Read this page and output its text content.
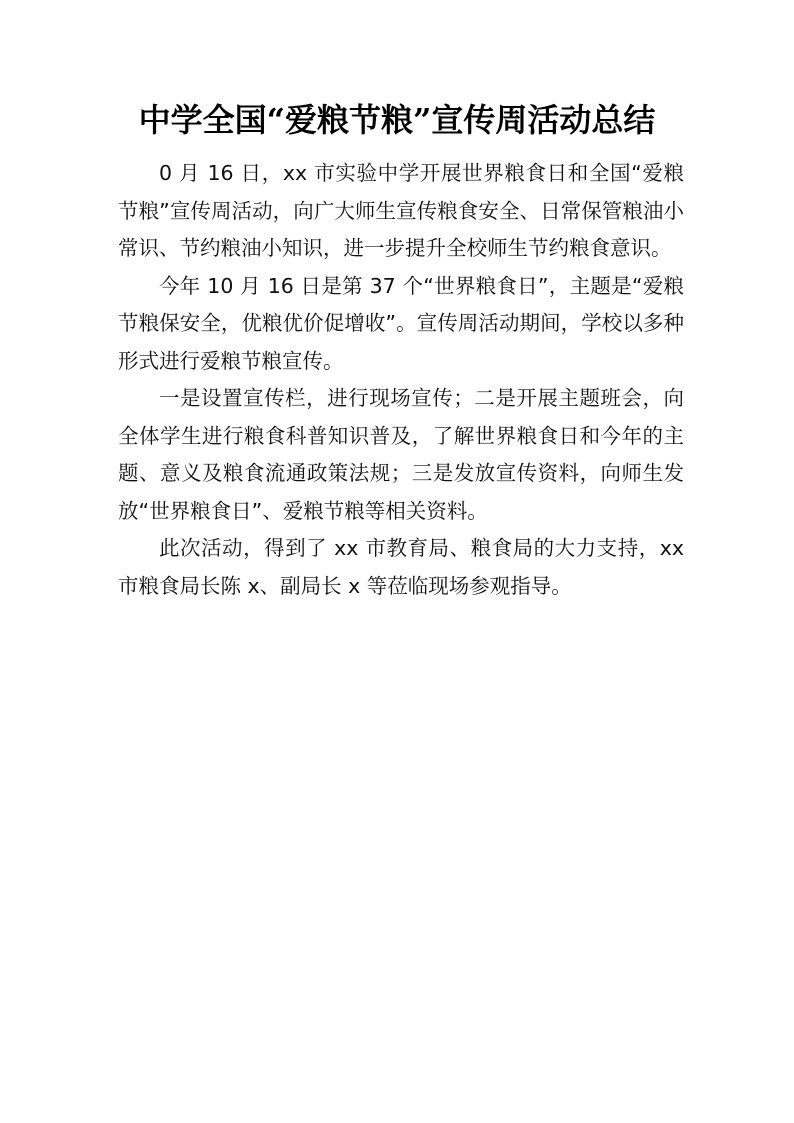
中学全国“爱粮节粮”宣传周活动总结

0 月 16 日，xx 市实验中学开展世界粮食日和全国“爱粮节粮”宣传周活动，向广大师生宣传粮食安全、日常保管粮油小常识、节约粮油小知识，进一步提升全校师生节约粮食意识。

今年 10 月 16 日是第 37 个“世界粮食日”，主题是“爱粮节粮保安全，优粮优价促增收”。宣传周活动期间，学校以多种形式进行爱粮节粮宣传。

一是设置宣传栏，进行现场宣传；二是开展主题班会，向全体学生进行粮食科普知识普及，了解世界粮食日和今年的主题、意义及粮食流通政策法规；三是发放宣传资料，向师生发放“世界粮食日”、爱粮节粮等相关资料。

此次活动，得到了 xx 市教育局、粮食局的大力支持，xx 市粮食局长陈 x、副局长 x 等莅临现场参观指导。
